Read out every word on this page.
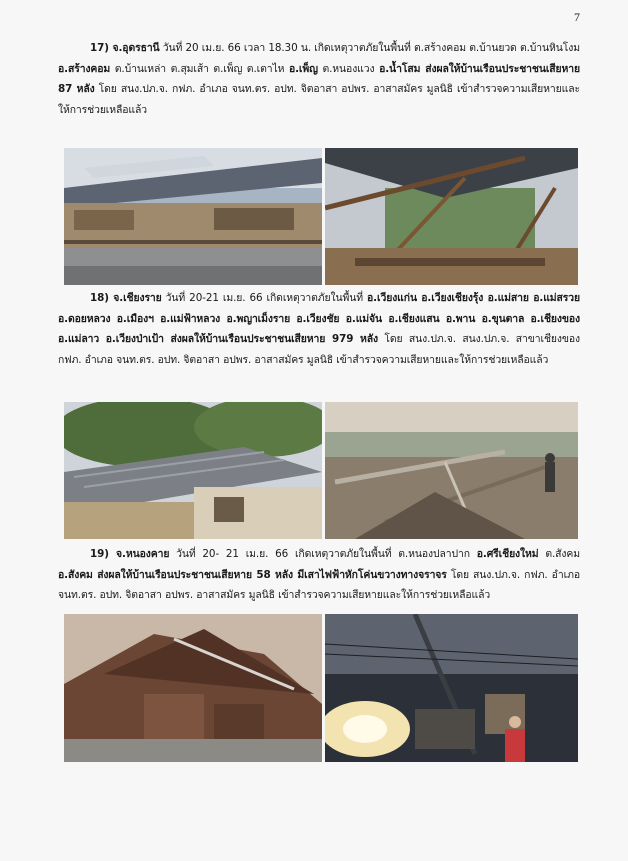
7

17) จ.อุดรธานี วันที่ 20 เม.ย. 66 เวลา 18.30 น. เกิดเหตุวาตภัยในพื้นที่ ต.สร้างคอม ต.บ้านยวด ต.บ้านหินโงม อ.สร้างคอม ต.บ้านเหล่า ต.สุมเส้า ต.เพ็ญ ต.เตาไห อ.เพ็ญ ต.หนองแวง อ.น้ำโสม ส่งผลให้บ้านเรือนประชาชนเสียหาย 87 หลัง โดย สนง.ปภ.จ. กฟภ. อำเภอ จนท.ตร. อปท. จิตอาสา อปพร. อาสาสมัคร มูลนิธิ เข้าสำรวจความเสียหายและให้การช่วยเหลือแล้ว

18) จ.เชียงราย วันที่ 20-21 เม.ย. 66 เกิดเหตุวาตภัยในพื้นที่ อ.เวียงแก่น อ.เวียงเชียงรุ้ง อ.แม่สาย อ.แม่สรวย อ.ดอยหลวง อ.เมืองฯ อ.แม่ฟ้าหลวง อ.พญาเม็งราย อ.เวียงชัย อ.แม่จัน อ.เชียงแสน อ.พาน อ.ขุนตาล อ.เชียงของ อ.แม่ลาว อ.เวียงป่าเป้า ส่งผลให้บ้านเรือนประชาชนเสียหาย 979 หลัง โดย สนง.ปภ.จ. สนง.ปภ.จ. สาขาเชียงของ กฟภ. อำเภอ จนท.ตร. อปท. จิตอาสา อปพร. อาสาสมัคร มูลนิธิ เข้าสำรวจความเสียหายและให้การช่วยเหลือแล้ว

19) จ.หนองคาย วันที่ 20- 21 เม.ย. 66 เกิดเหตุวาตภัยในพื้นที่ ต.หนองปลาปาก อ.ศรีเชียงใหม่ ต.สังคม อ.สังคม ส่งผลให้บ้านเรือนประชาชนเสียหาย 58 หลัง มีเสาไฟฟ้าหักโค่นขวางทางจราจร โดย สนง.ปภ.จ. กฟภ. อำเภอ จนท.ตร. อปท. จิตอาสา อปพร. อาสาสมัคร มูลนิธิ เข้าสำรวจความเสียหายและให้การช่วยเหลือแล้ว
